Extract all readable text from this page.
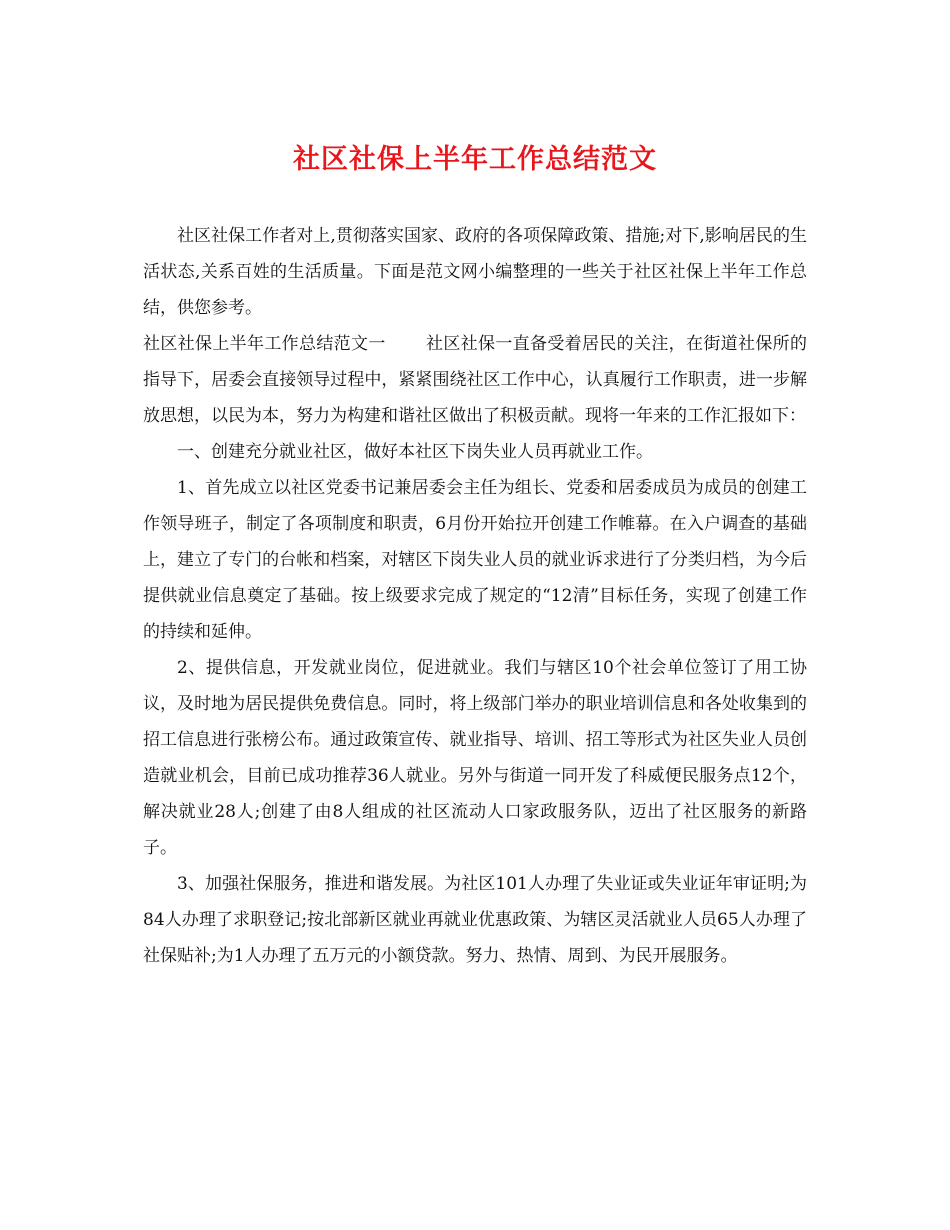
社区社保上半年工作总结范文

社区社保工作者对上,贯彻落实国家、政府的各项保障政策、措施;对下,影响居民的生活状态,关系百姓的生活质量。下面是范文网小编整理的一些关于社区社保上半年工作总结，供您参考。

社区社保上半年工作总结范文一 社区社保一直备受着居民的关注，在街道社保所的指导下，居委会直接领导过程中，紧紧围绕社区工作中心，认真履行工作职责，进一步解放思想，以民为本，努力为构建和谐社区做出了积极贡献。现将一年来的工作汇报如下：

一、创建充分就业社区，做好本社区下岗失业人员再就业工作。

1、首先成立以社区党委书记兼居委会主任为组长、党委和居委成员为成员的创建工作领导班子，制定了各项制度和职责，6月份开始拉开创建工作帷幕。在入户调查的基础上，建立了专门的台帐和档案，对辖区下岗失业人员的就业诉求进行了分类归档，为今后提供就业信息奠定了基础。按上级要求完成了规定的“12清”目标任务，实现了创建工作的持续和延伸。

2、提供信息，开发就业岗位，促进就业。我们与辖区10个社会单位签订了用工协议，及时地为居民提供免费信息。同时，将上级部门举办的职业培训信息和各处收集到的招工信息进行张榜公布。通过政策宣传、就业指导、培训、招工等形式为社区失业人员创造就业机会，目前已成功推荐36人就业。另外与街道一同开发了科威便民服务点12个，解决就业28人;创建了由8人组成的社区流动人口家政服务队，迈出了社区服务的新路子。

3、加强社保服务，推进和谐发展。为社区101人办理了失业证或失业证年审证明;为84人办理了求职登记;按北部新区就业再就业优惠政策、为辖区灵活就业人员65人办理了社保贴补;为1人办理了五万元的小额贷款。努力、热情、周到、为民开展服务。
